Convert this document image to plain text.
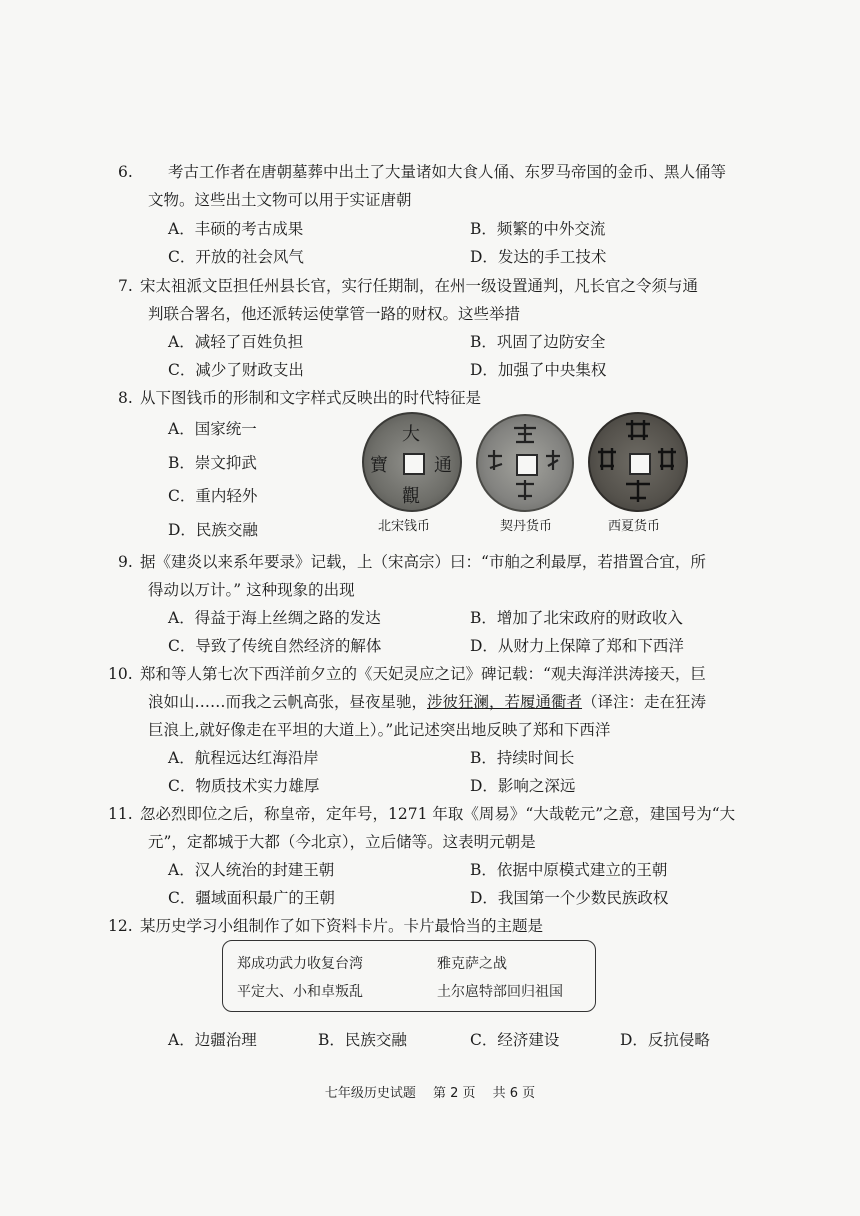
6. 考古工作者在唐朝墓葬中出土了大量诸如大食人俑、东罗马帝国的金币、黑人俑等
文物。这些出土文物可以用于实证唐朝
A．丰硕的考古成果	B．频繁的中外交流
C．开放的社会风气	D．发达的手工技术
7. 宋太祖派文臣担任州县长官，实行任期制，在州一级设置通判，凡长官之令须与通
判联合署名，他还派转运使掌管一路的财权。这些举措
A．减轻了百姓负担	B．巩固了边防安全
C．减少了财政支出	D．加强了中央集权
8. 从下图钱币的形制和文字样式反映出的时代特征是
A．国家统一
B．崇文抑武
C．重内轻外
D．民族交融
大
通
觀
寶
北宋钱币	契丹货币	西夏货币
9. 据《建炎以来系年要录》记载，上（宋高宗）曰：“市舶之利最厚，若措置合宜，所
得动以万计。” 这种现象的出现
A．得益于海上丝绸之路的发达	B．增加了北宋政府的财政收入
C．导致了传统自然经济的解体	D．从财力上保障了郑和下西洋
10. 郑和等人第七次下西洋前夕立的《天妃灵应之记》碑记载：“观夫海洋洪涛接天，巨
浪如山……而我之云帆高张，昼夜星驰，涉彼狂澜，若履通衢者（译注：走在狂涛
巨浪上,就好像走在平坦的大道上）。”此记述突出地反映了郑和下西洋
A．航程远达红海沿岸	B．持续时间长
C．物质技术实力雄厚	D．影响之深远
11. 忽必烈即位之后，称皇帝，定年号，1271 年取《周易》“大哉乾元”之意，建国号为“大
元”，定都城于大都（今北京），立后储等。这表明元朝是
A．汉人统治的封建王朝	B．依据中原模式建立的王朝
C．疆域面积最广的王朝	D．我国第一个少数民族政权
12. 某历史学习小组制作了如下资料卡片。卡片最恰当的主题是
郑成功武力收复台湾	雅克萨之战
平定大、小和卓叛乱	土尔扈特部回归祖国
A．边疆治理	B．民族交融	C．经济建设	D．反抗侵略
七年级历史试题　 第 2 页　 共 6 页
